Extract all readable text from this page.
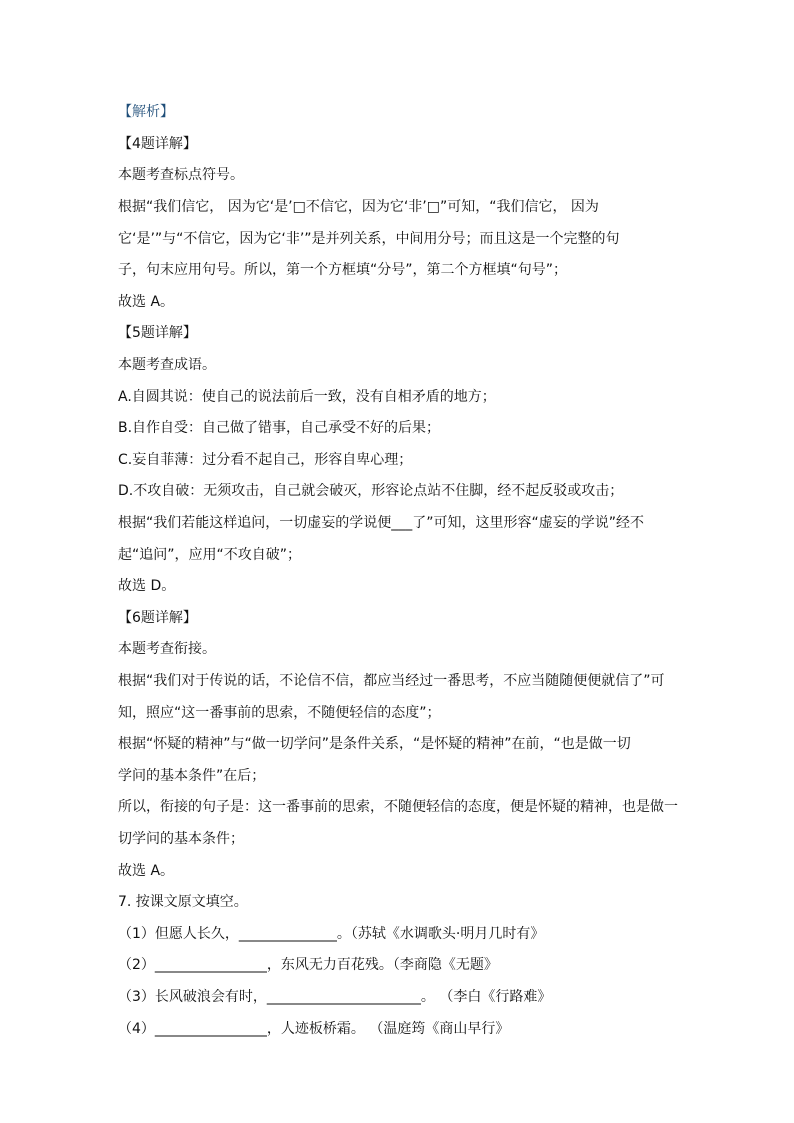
【解析】
【4题详解】
本题考查标点符号。
根据“我们信它， 因为它‘是’□不信它，因为它‘非’□”可知，“我们信它， 因为
它‘是’”与“不信它，因为它‘非’”是并列关系，中间用分号；而且这是一个完整的句
子，句末应用句号。所以，第一个方框填“分号”，第二个方框填“句号”；
故选 A。
【5题详解】
本题考查成语。
A.自圆其说：使自己的说法前后一致，没有自相矛盾的地方；
B.自作自受：自己做了错事，自己承受不好的后果；
C.妄自菲薄：过分看不起自己，形容自卑心理；
D.不攻自破：无须攻击，自己就会破灭，形容论点站不住脚，经不起反驳或攻击；
根据“我们若能这样追问，一切虚妄的学说便___了”可知，这里形容“虚妄的学说”经不
起“追问”，应用“不攻自破”；
故选 D。
【6题详解】
本题考查衔接。
根据“我们对于传说的话，不论信不信，都应当经过一番思考，不应当随随便便就信了”可
知，照应“这一番事前的思索，不随便轻信的态度”；
根据“怀疑的精神”与“做一切学问”是条件关系，“是怀疑的精神”在前，“也是做一切
学问的基本条件”在后；
所以，衔接的句子是：这一番事前的思索，不随便轻信的态度，便是怀疑的精神，也是做一
切学问的基本条件；
故选 A。
7. 按课文原文填空。
（1）但愿人长久，______________。（苏轼《水调歌头·明月几时有》
（2）________________，东风无力百花残。（李商隐《无题》
（3）长风破浪会有时，______________________。 （李白《行路难》
（4）________________，人迹板桥霜。 （温庭筠《商山早行》
